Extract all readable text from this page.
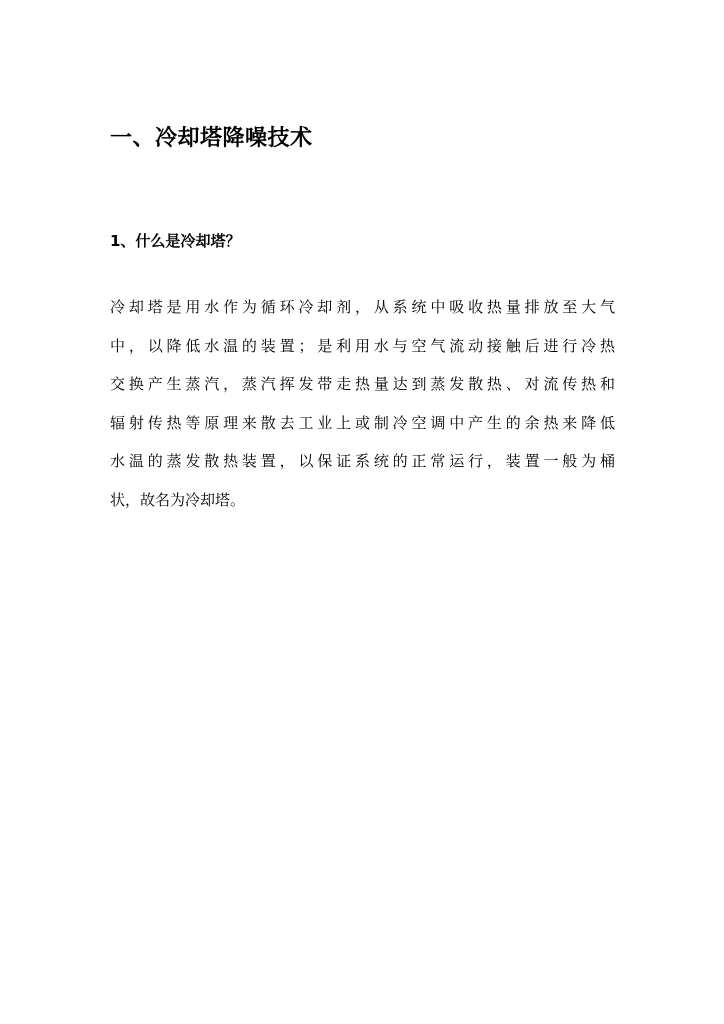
一、冷却塔降噪技术
1、什么是冷却塔？
冷却塔是用水作为循环冷却剂，从系统中吸收热量排放至大气
中，以降低水温的装置；是利用水与空气流动接触后进行冷热
交换产生蒸汽，蒸汽挥发带走热量达到蒸发散热、对流传热和
辐射传热等原理来散去工业上或制冷空调中产生的余热来降低
水温的蒸发散热装置，以保证系统的正常运行，装置一般为桶
状，故名为冷却塔。
